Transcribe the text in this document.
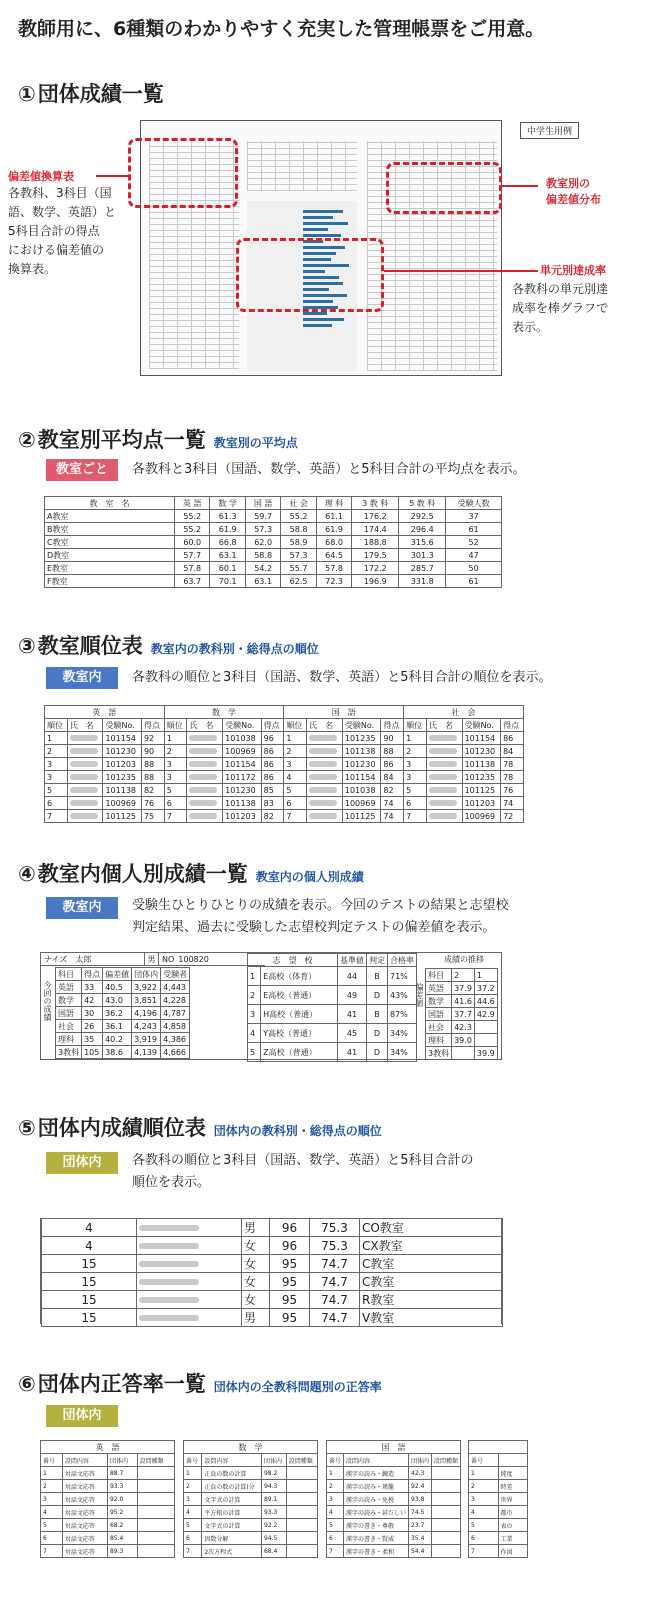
教師用に、6種類のわかりやすく充実した管理帳票をご用意。
① 団体成績一覧
中学生用例
偏差値換算表
各教科、3科目（国
語、数学、英語）と
5科目合計の得点
における偏差値の
換算表。
教室別の
偏差値分布
単元別達成率
各教科の単元別達
成率を棒グラフで
表示。
② 教室別平均点一覧 教室別の平均点
教室ごと	各教科と3科目（国語、数学、英語）と5科目合計の平均点を表示。
教　室　名	英 語	数 学	国 語	社 会	理 科	3 教 科	5 教 科	受験人数
A教室	55.2	61.3	59.7	55.2	61.1	176.2	292.5	37
B教室	55.2	61.9	57.3	58.8	61.9	174.4	296.4	61
C教室	60.0	66.8	62.0	58.9	68.0	188.8	315.6	52
D教室	57.7	63.1	58.8	57.3	64.5	179.5	301.3	47
E教室	57.8	60.1	54.2	55.7	57.8	172.2	285.7	50
F教室	63.7	70.1	63.1	62.5	72.3	196.9	331.8	61
③ 教室順位表 教室内の教科別・総得点の順位
教室内	各教科の順位と3科目（国語、数学、英語）と5科目合計の順位を表示。
英　語				数　学				国　語				社　会			
順位	氏　名	受験No.	得点	順位	氏　名	受験No.	得点	順位	氏　名	受験No.	得点	順位	氏　名	受験No.	得点
1		101154	92	1		101038	96	1		101235	90	1		101154	86
2		101230	90	2		100969	86	2		101138	88	2		101230	84
3		101203	88	3		101154	86	3		101230	86	3		101138	78
3		101235	88	3		101172	86	4		101154	84	3		101235	78
5		101138	82	5		101230	85	5		101038	82	5		101125	76
6		100969	76	6		101138	83	6		100969	74	6		101203	74
7		101125	75	7		101203	82	7		101125	74	7		100969	72
④ 教室内個人別成績一覧 教室内の個人別成績
教室内	受験生ひとりひとりの成績を表示。今回のテストの結果と志望校
判定結果、過去に受験した志望校判定テストの偏差値を表示。
ナイズ　太郎	男 NO 100820
今回の成績
科目	得点	偏差値	団体内	受験者
英語	33	40.5	3,922	4,443
数学	42	43.0	3,851	4,228
国語	30	36.2	4,196	4,787
社会	26	36.1	4,243	4,858
理科	35	40.2	3,919	4,386
3教科	105	38.6	4,139	4,666
志　望　校		基準値	判定	合格率
1	E高校（体育）	44	B	71%
2	E高校（普通）	49	D	43%
3	H高校（普通）	41	B	87%
4	Y高校（普通）	45	D	34%
5	Z高校（普通）	41	D	34%
成績の推移
偏差値
科目	2	1
英語	37.9	37.2
数学	41.6	44.6
国語	37.7	42.9
社会	42.3	
理科	39.0	
3教科		39.9
⑤ 団体内成績順位表 団体内の教科別・総得点の順位
団体内	各教科の順位と3科目（国語、数学、英語）と5科目合計の
順位を表示。
4		男	96	75.3	CO教室
4		女	96	75.3	CX教室
15		女	95	74.7	C教室
15		女	95	74.7	C教室
15		女	95	74.7	R教室
15		男	95	74.7	V教室
⑥ 団体内正答率一覧 団体内の全教科問題別の正答率
団体内
英　語			
番号	設問内容	団体内	設問種類
1	対話文応答	88.7	
2	対話文応答	93.3	
3	対話文応答	92.0	
4	対話文応答	95.2	
5	対話文応答	68.2	
6	対話文応答	85.4	
7	対話文応答	89.3	
数　学			
番号	設問内容	団体内	設問種類
1	正負の数の計算	98.2	
2	正負の数の計算(分	94.3	
3	文字式の計算	89.1	
4	平方根の計算	93.3	
5	文字式の計算	92.2	
6	因数分解	94.5	
7	2次方程式	68.4	
国　語			
番号	設問内容	団体内	設問種類
1	漢字の読み・錬造	42.3	
2	漢字の読み・瑾籠	92.4	
3	漢字の読み・免税	93.8	
4	漢字の読み・甚だしい	74.5	
5	漢字の書き・尊敬	23.7	
6	漢字の書き・賢威	35.4	
7	漢字の書き・柔和	54.4	

番号	
1	純度
2	時差
3	世界
4	都市
5	表の
6	工業
7	作図
